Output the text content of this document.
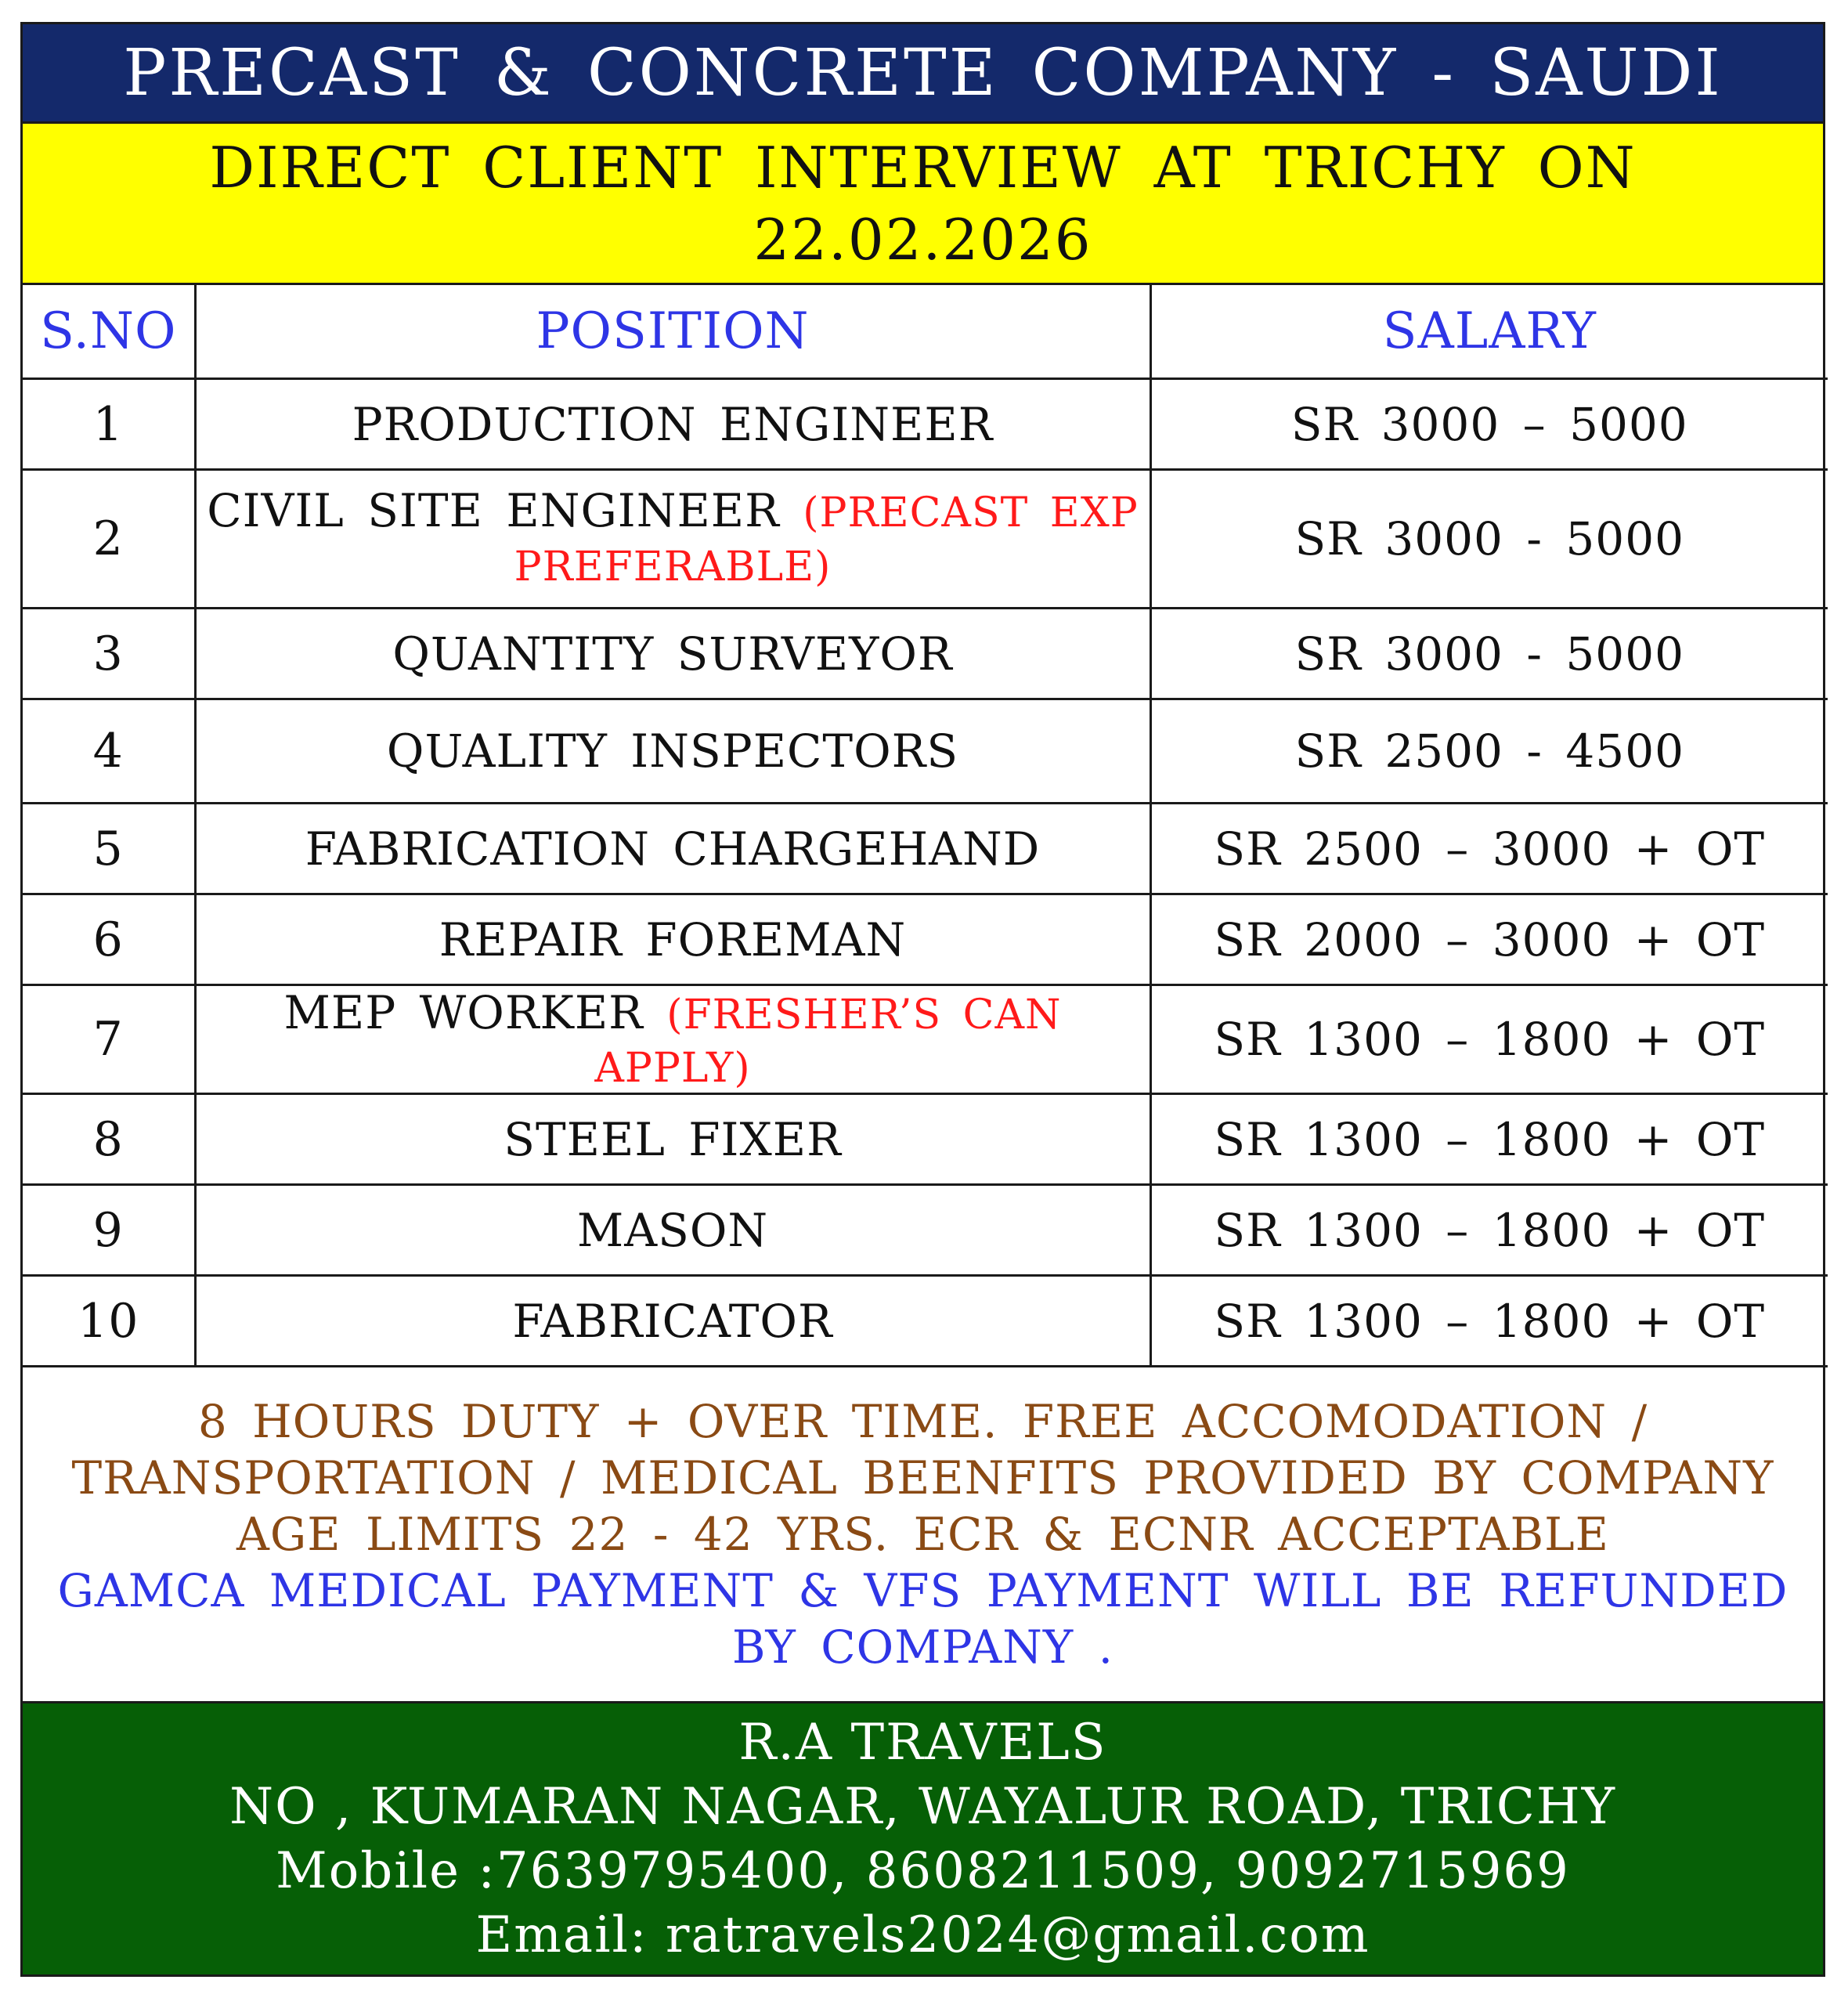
PRECAST & CONCRETE COMPANY - SAUDI
DIRECT CLIENT INTERVIEW AT TRICHY ON
22.02.2026
S.NO	POSITION	SALARY
1	PRODUCTION ENGINEER	SR 3000 – 5000
2	CIVIL SITE ENGINEER (PRECAST EXP PREFERABLE)	SR 3000 - 5000
3	QUANTITY SURVEYOR	SR 3000 - 5000
4	QUALITY INSPECTORS	SR 2500 - 4500
5	FABRICATION CHARGEHAND	SR 2500 – 3000 + OT
6	REPAIR FOREMAN	SR 2000 – 3000 + OT
7	MEP WORKER (FRESHER’S CAN APPLY)	SR 1300 – 1800 + OT
8	STEEL FIXER	SR 1300 – 1800 + OT
9	MASON	SR 1300 – 1800 + OT
10	FABRICATOR	SR 1300 – 1800 + OT
8 HOURS DUTY + OVER TIME. FREE ACCOMODATION /
TRANSPORTATION / MEDICAL BEENFITS PROVIDED BY COMPANY
AGE LIMITS 22 - 42 YRS. ECR & ECNR ACCEPTABLE
GAMCA MEDICAL PAYMENT & VFS PAYMENT WILL BE REFUNDED
BY COMPANY .
R.A TRAVELS
NO , KUMARAN NAGAR, WAYALUR ROAD, TRICHY
Mobile :7639795400, 8608211509, 9092715969
Email: ratravels2024@gmail.com
